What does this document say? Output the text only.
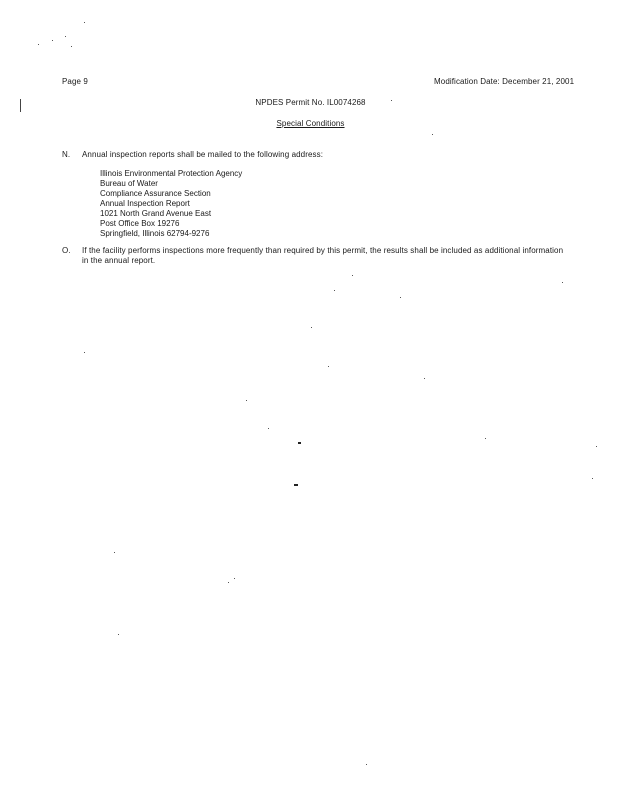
Page 9	Modification Date: December 21, 2001
NPDES Permit No. IL0074268
Special Conditions
N. Annual inspection reports shall be mailed to the following address:
Illinois Environmental Protection Agency
Bureau of Water
Compliance Assurance Section
Annual Inspection Report
1021 North Grand Avenue East
Post Office Box 19276
Springfield, Illinois 62794-9276
O. If the facility performs inspections more frequently than required by this permit, the results shall be included as additional information
in the annual report.
